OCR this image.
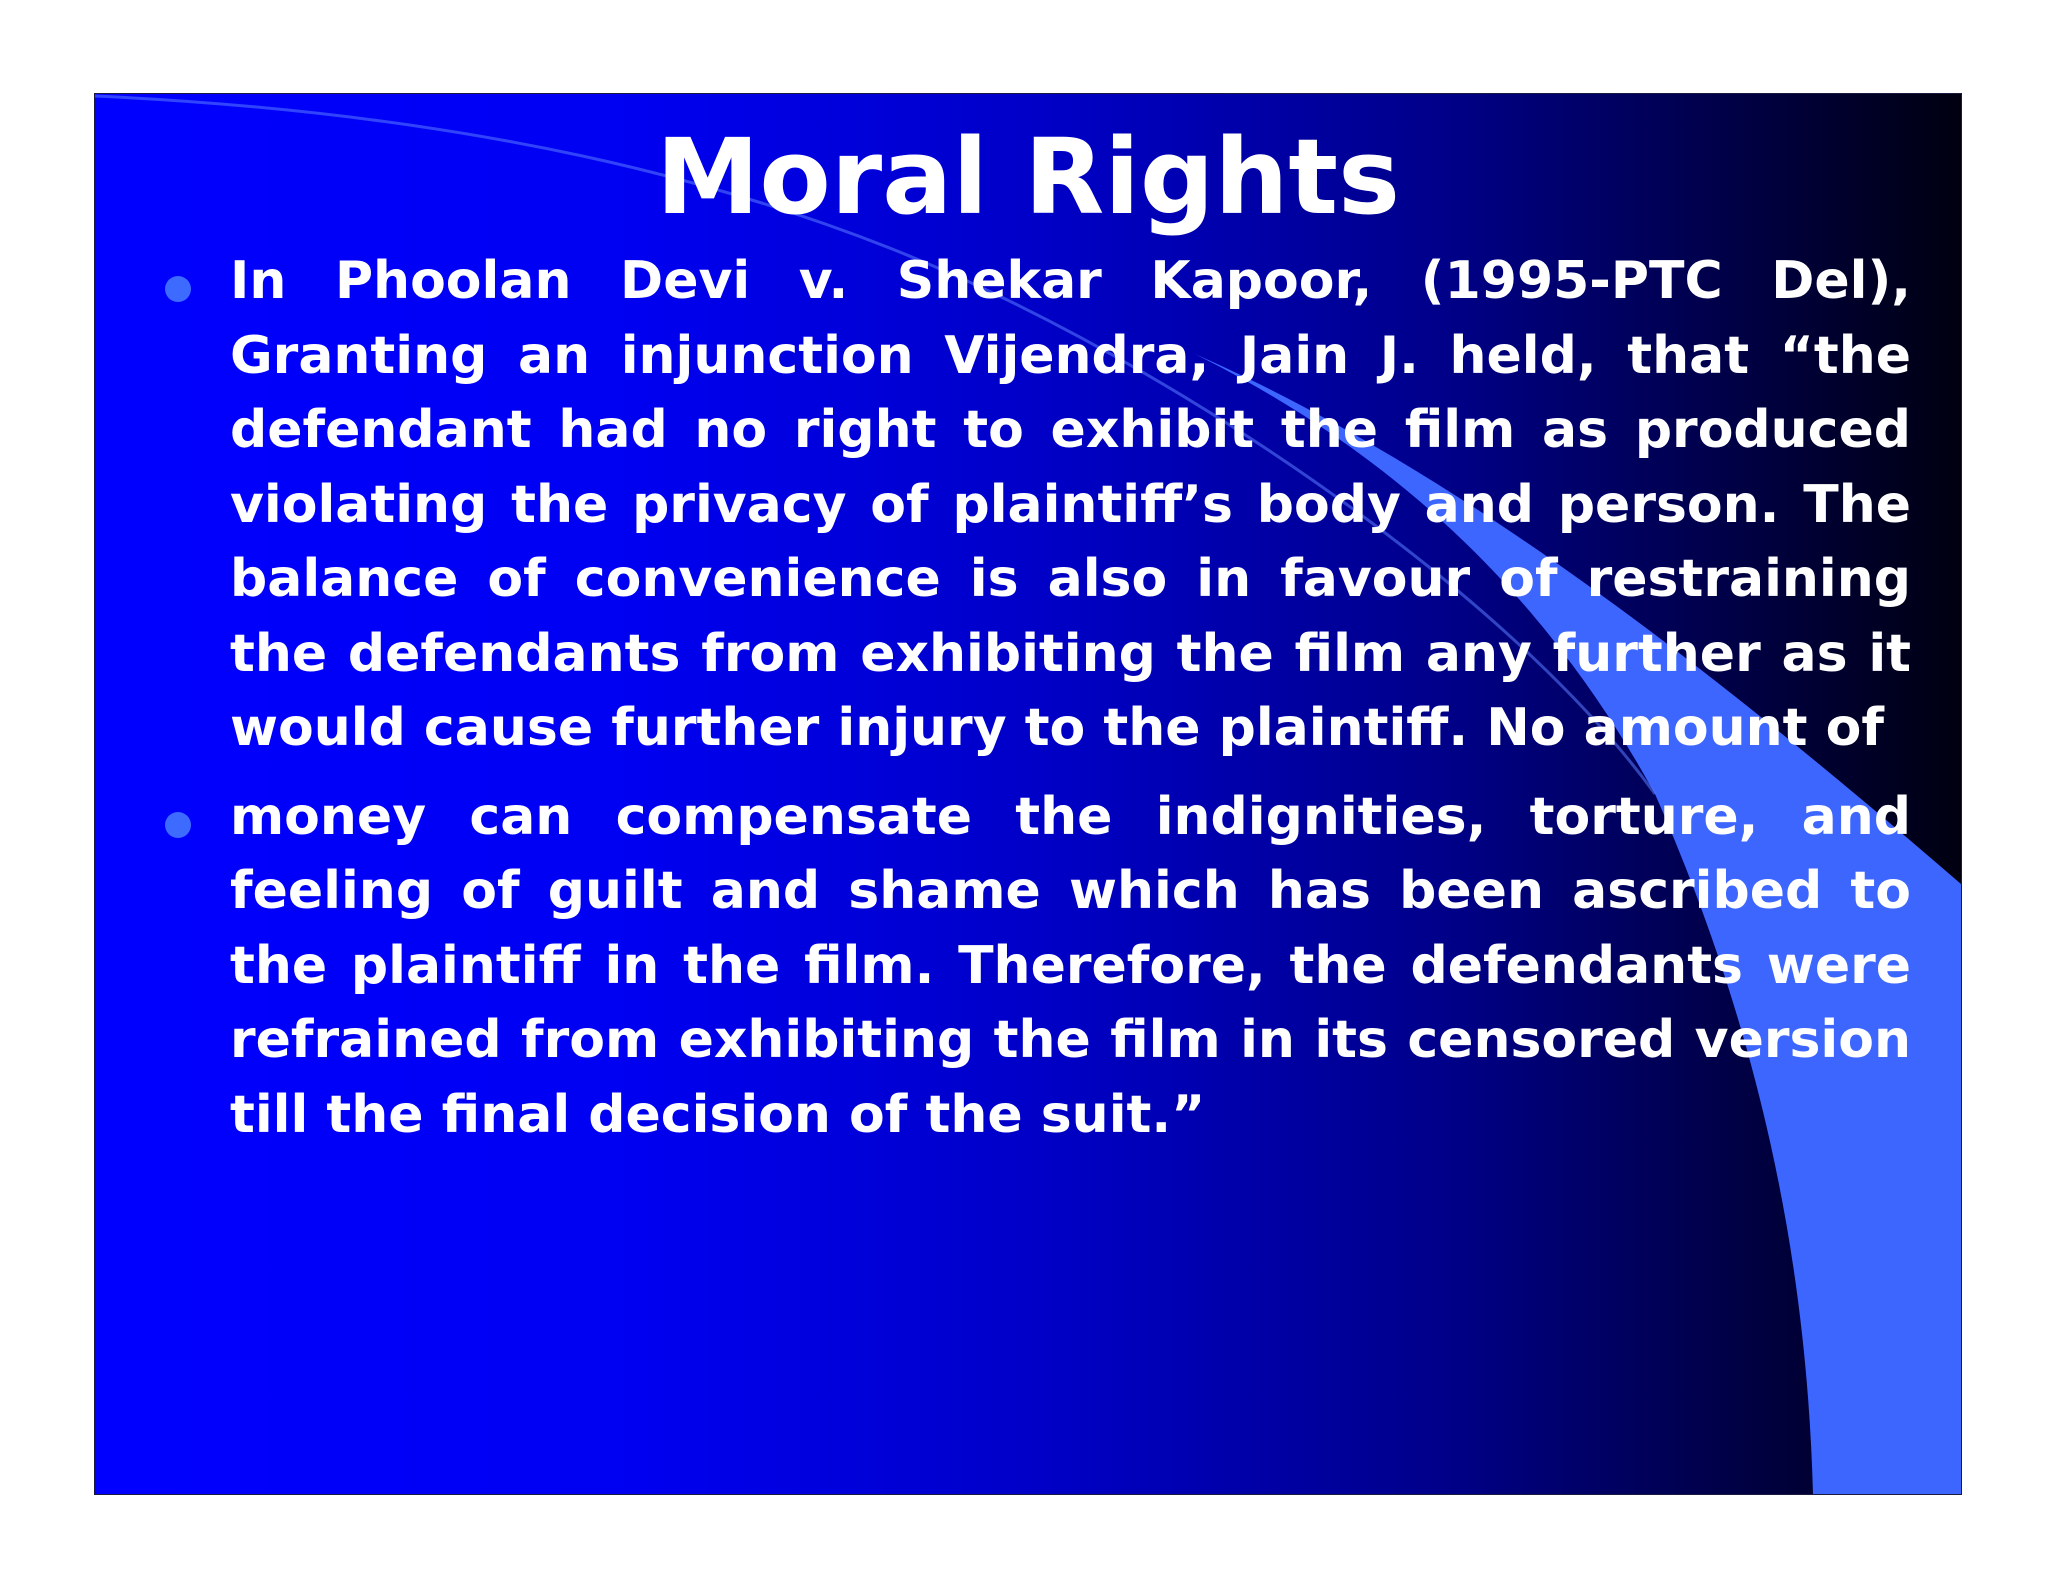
Moral Rights
In Phoolan Devi v. Shekar Kapoor, (1995-PTC Del), Granting an injunction Vijendra, Jain J. held, that “the defendant had no right to exhibit the film as produced violating the privacy of plaintiff’s body and person. The balance of convenience is also in favour of restraining the defendants from exhibiting the film any further as it would cause further injury to the plaintiff. No amount of
money can compensate the indignities, torture, and feeling of guilt and shame which has been ascribed to the plaintiff in the film. Therefore, the defendants were refrained from exhibiting the film in its censored version till the final decision of the suit.”
